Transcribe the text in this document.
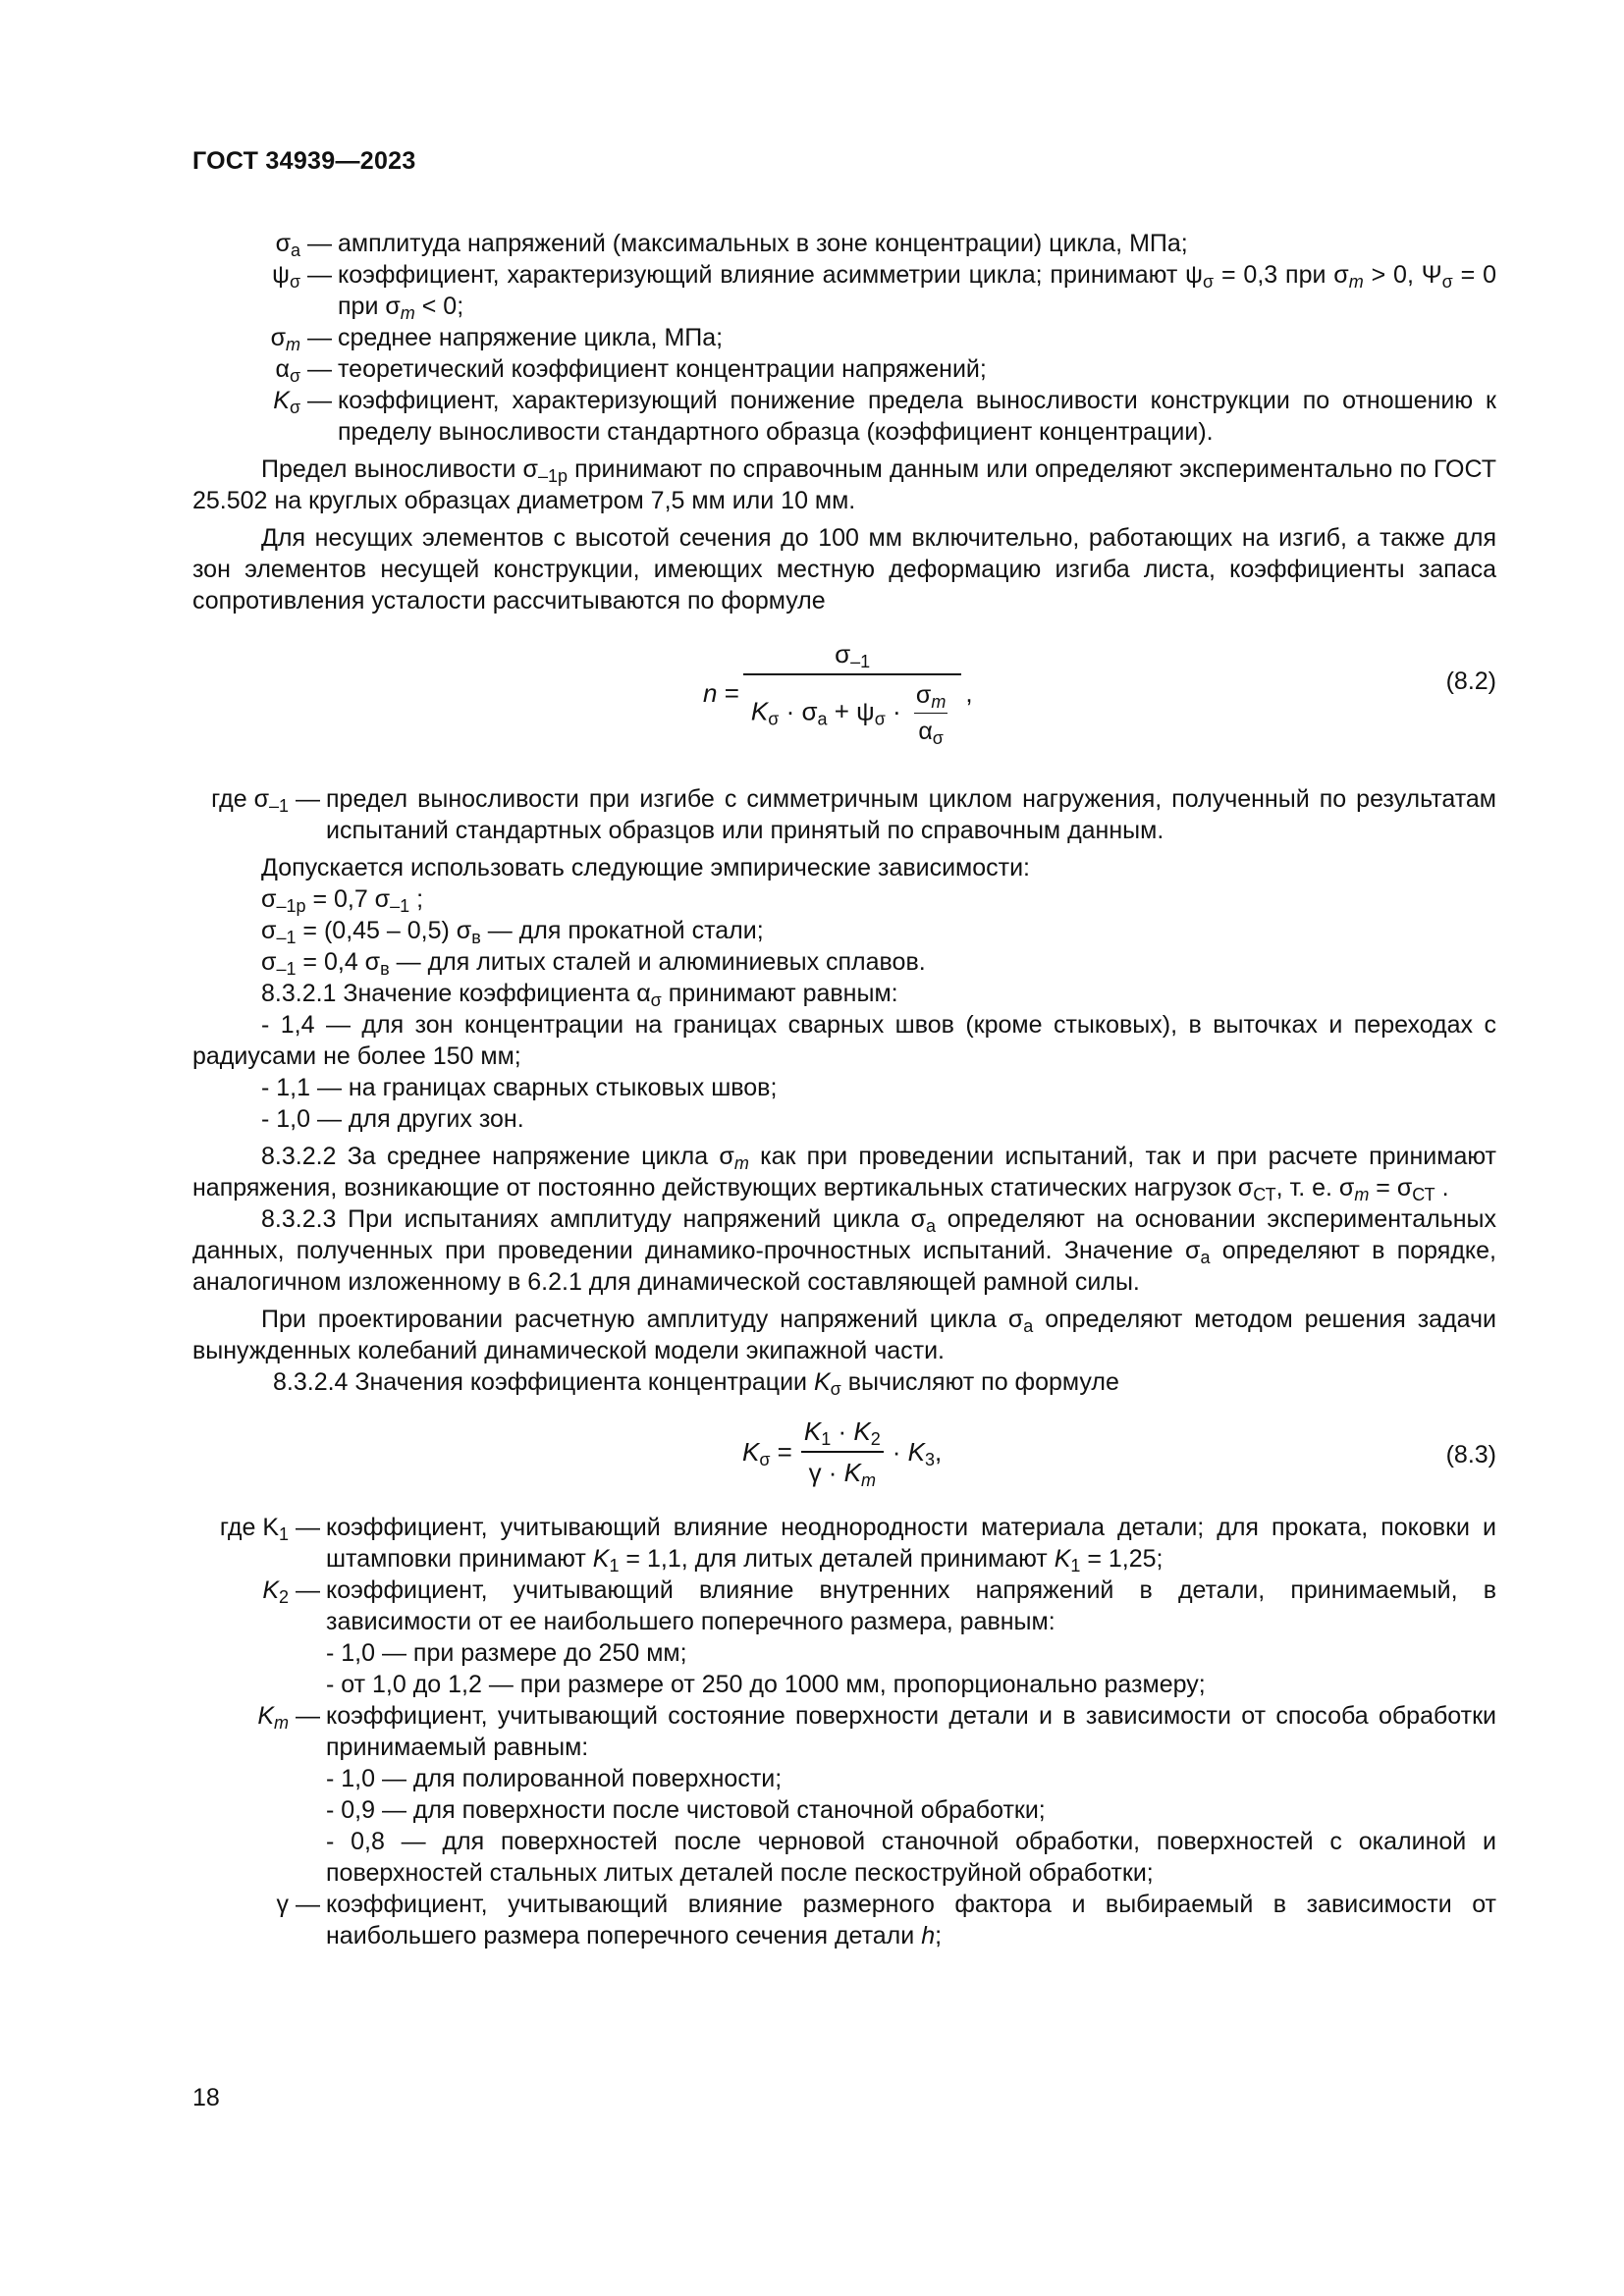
ГОСТ 34939—2023
$\sigma_a$ — амплитуда напряжений (максимальных в зоне концентрации) цикла, МПа;
$\psi_\sigma$ — коэффициент, характеризующий влияние асимметрии цикла; принимают $\psi_\sigma = 0,3$ при $\sigma_m > 0$, $\Psi_\sigma = 0$ при $\sigma_m < 0$;
$\sigma_m$ — среднее напряжение цикла, МПа;
$\alpha_\sigma$ — теоретический коэффициент концентрации напряжений;
$K_\sigma$ — коэффициент, характеризующий понижение предела выносливости конструкции по отношению к пределу выносливости стандартного образца (коэффициент концентрации).

Предел выносливости $\sigma_{-1p}$ принимают по справочным данным или определяют экспериментально по ГОСТ 25.502 на круглых образцах диаметром 7,5 мм или 10 мм.

Для несущих элементов с высотой сечения до 100 мм включительно, работающих на изгиб, а также для зон элементов несущей конструкции, имеющих местную деформацию изгиба листа, коэффициенты запаса сопротивления усталости рассчитываются по формуле

$n = \frac{\sigma_{-1}}{K_\sigma \cdot \sigma_a + \psi_\sigma \cdot \frac{\sigma_m}{\alpha_\sigma}}$ ,	(8.2)
где $\sigma_{-1}$ — предел выносливости при изгибе с симметричным циклом нагружения, полученный по результатам испытаний стандартных образцов или принятый по справочным данным.

Допускается использовать следующие эмпирические зависимости:

$\sigma_{-1p} = 0,7$ $\sigma_{-1}$ ;

$\sigma_{-1} = (0,45 - 0,5)$ $\sigma_в$ — для прокатной стали;

$\sigma_{-1} = 0,4$ $\sigma_в$ — для литых сталей и алюминиевых сплавов.

8.3.2.1 Значение коэффициента $\alpha_\sigma$ принимают равным:

- 1,4 — для зон концентрации на границах сварных швов (кроме стыковых), в выточках и переходах с радиусами не более 150 мм;

- 1,1 — на границах сварных стыковых швов;

- 1,0 — для других зон.

8.3.2.2 За среднее напряжение цикла $\sigma_m$ как при проведении испытаний, так и при расчете принимают напряжения, возникающие от постоянно действующих вертикальных статических нагрузок $\sigma_{СТ}$, т. е. $\sigma_m = \sigma_{СТ}$ .

8.3.2.3 При испытаниях амплитуду напряжений цикла $\sigma_a$ определяют на основании экспериментальных данных, полученных при проведении динамико-прочностных испытаний. Значение $\sigma_a$ определяют в порядке, аналогичном изложенному в 6.2.1 для динамической составляющей рамной силы.

При проектировании расчетную амплитуду напряжений цикла $\sigma_a$ определяют методом решения задачи вынужденных колебаний динамической модели экипажной части.

8.3.2.4 Значения коэффициента концентрации $K_\sigma$ вычисляют по формуле

$K_\sigma = \frac{K_1 \cdot K_2}{\gamma \cdot K_m} \cdot K_3$,	(8.3)
где $K_1$ — коэффициент, учитывающий влияние неоднородности материала детали; для проката, поковки и штамповки принимают $K_1 = 1,1$, для литых деталей принимают $K_1 = 1,25$;
$K_2$ — коэффициент, учитывающий влияние внутренних напряжений в детали, принимаемый, в зависимости от ее наибольшего поперечного размера, равным:

- 1,0 — при размере до 250 мм;

- от 1,0 до 1,2 — при размере от 250 до 1000 мм, пропорционально размеру;

$K_m$ — коэффициент, учитывающий состояние поверхности детали и в зависимости от способа обработки принимаемый равным:

- 1,0 — для полированной поверхности;

- 0,9 — для поверхности после чистовой станочной обработки;

- 0,8 — для поверхностей после черновой станочной обработки, поверхностей с окалиной и поверхностей стальных литых деталей после пескоструйной обработки;

γ — коэффициент, учитывающий влияние размерного фактора и выбираемый в зависимости от наибольшего размера поперечного сечения детали h;
18
